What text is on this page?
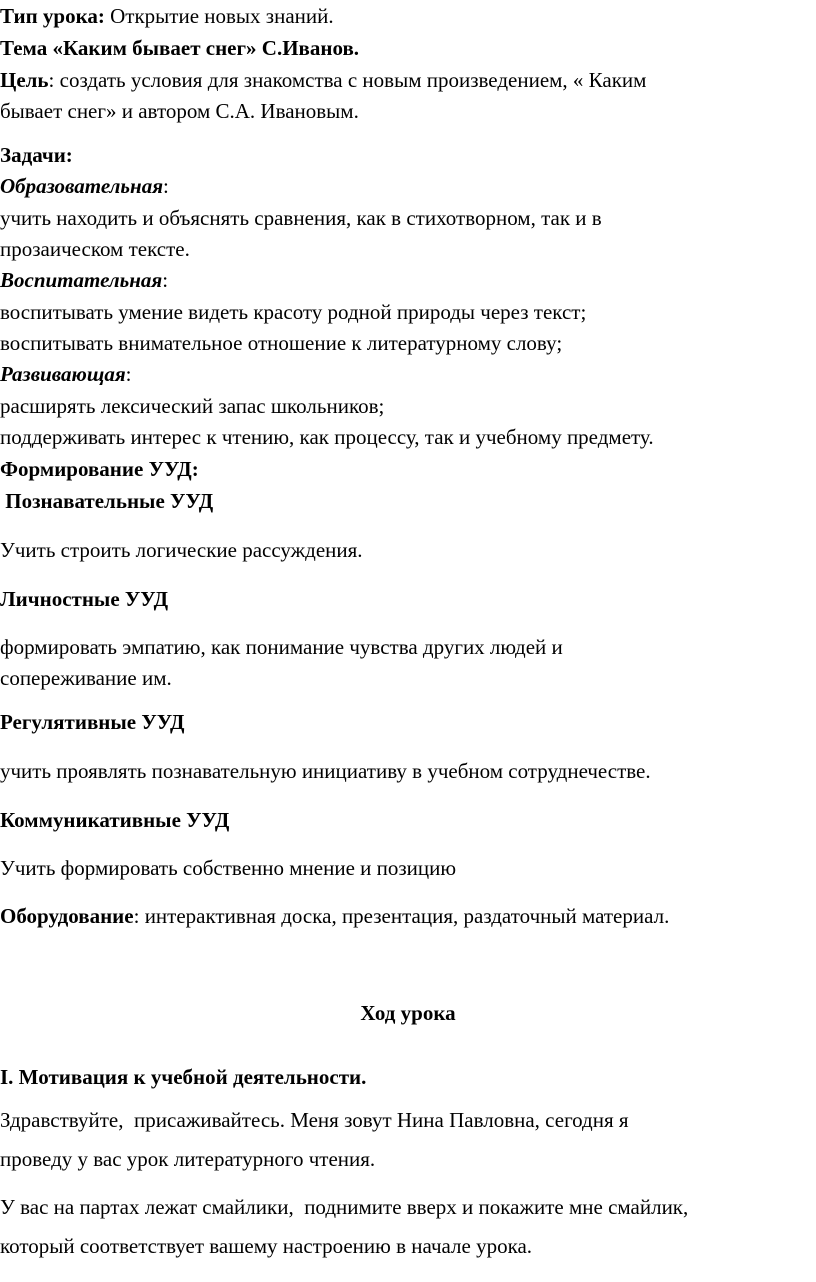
Тип урока: Открытие новых знаний.
Тема «Каким бывает снег» С.Иванов.
Цель: создать условия для знакомства с новым произведением, « Каким
бывает снег» и автором С.А. Ивановым.
Задачи:
Образовательная:
учить находить и объяснять сравнения, как в стихотворном, так и в
прозаическом тексте.
Воспитательная:
воспитывать умение видеть красоту родной природы через текст;
воспитывать внимательное отношение к литературному слову;
Развивающая:
расширять лексический запас школьников;
поддерживать интерес к чтению, как процессу, так и учебному предмету.
Формирование УУД:
Познавательные УУД
Учить строить логические рассуждения.
Личностные УУД
формировать эмпатию, как понимание чувства других людей и
сопереживание им.
Регулятивные УУД
учить проявлять познавательную инициативу в учебном сотруднечестве.
Коммуникативные УУД
Учить формировать собственно мнение и позицию
Оборудование: интерактивная доска, презентация, раздаточный материал.
Ход урока
I. Мотивация к учебной деятельности.
Здравствуйте,  присаживайтесь. Меня зовут Нина Павловна, сегодня я
проведу у вас урок литературного чтения.
У вас на партах лежат смайлики,  поднимите вверх и покажите мне смайлик,
который соответствует вашему настроению в начале урока.
